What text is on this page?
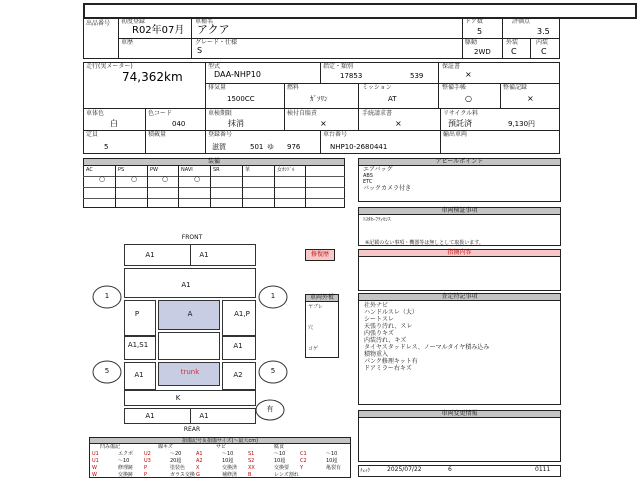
出品番号 初度登録
R02年07月
車種名
アクア
ドア数
5
評価点
3.5
車歴	グレード・仕様
S
駆動
2WD
外装
C
内装
C
走行(実メーター)
74,362km
型式
DAA-NHP10
指定・類別
17853	539
保証書
×
排気量
1500CC
燃料
ｶﾞｿﾘﾝ
ミッション
AT
整備手帳
○
整備記録
×
車体色
白
色コード
040
車検期限
抹消
検付自賠責
×
手続請求書
×
リサイクル料
預託済	9,130円
定員
5
積載量	登録番号
滋賀	501 ゆ 976
車台番号
NHP10-2680441
輸出車両
装備
AC	PS	PW	NAVI	SR	革	女ｶﾝﾄﾞﾙ
○	○	○	○
アピールポイント
エアバッグ
ABS
ETC
バックカメラ付き
車両検証事項
ﾄﾖﾀｾｰﾌﾃｨｾﾝｽ
※記載のない事項・機器等は無しとして取扱います。
指摘内容
査定特記事項
社外ナビ
ハンドルスレ（大）
シートスレ
天張り汚れ、スレ
内張りキズ
内装汚れ、キズ
タイヤスタッドレス、ノーマルタイヤ積み込み
積物重入
パンク修理キット有
ドアミラー右キズ
車両変更情報
FRONT
REAR
A1	A1
A1
A
P	A1,P
A1,S1	A1
trunk
A1	A2
K
A1	A1
1	1
5	5
有
修復歴
車両外板
ヤブレ
穴
コゲ
損傷記号＆損傷サイズ(～最大cm)
凹み傷記	線キズ	サビ	腐食
U1	エクボ U2	～20	A1	～10	S1	～10	C1	～10
U1	～10	U3	20超	A2	10超	S2	10超	C2	10超
W	修理跡 P	塗装色 X	交換済 XX	交換要 Y	亀裂有
W	交換跡 P	ガラス交換 G	補修済 B	レンズ割れ
ﾁｪｯｸ	2025/07/22	6	0111
